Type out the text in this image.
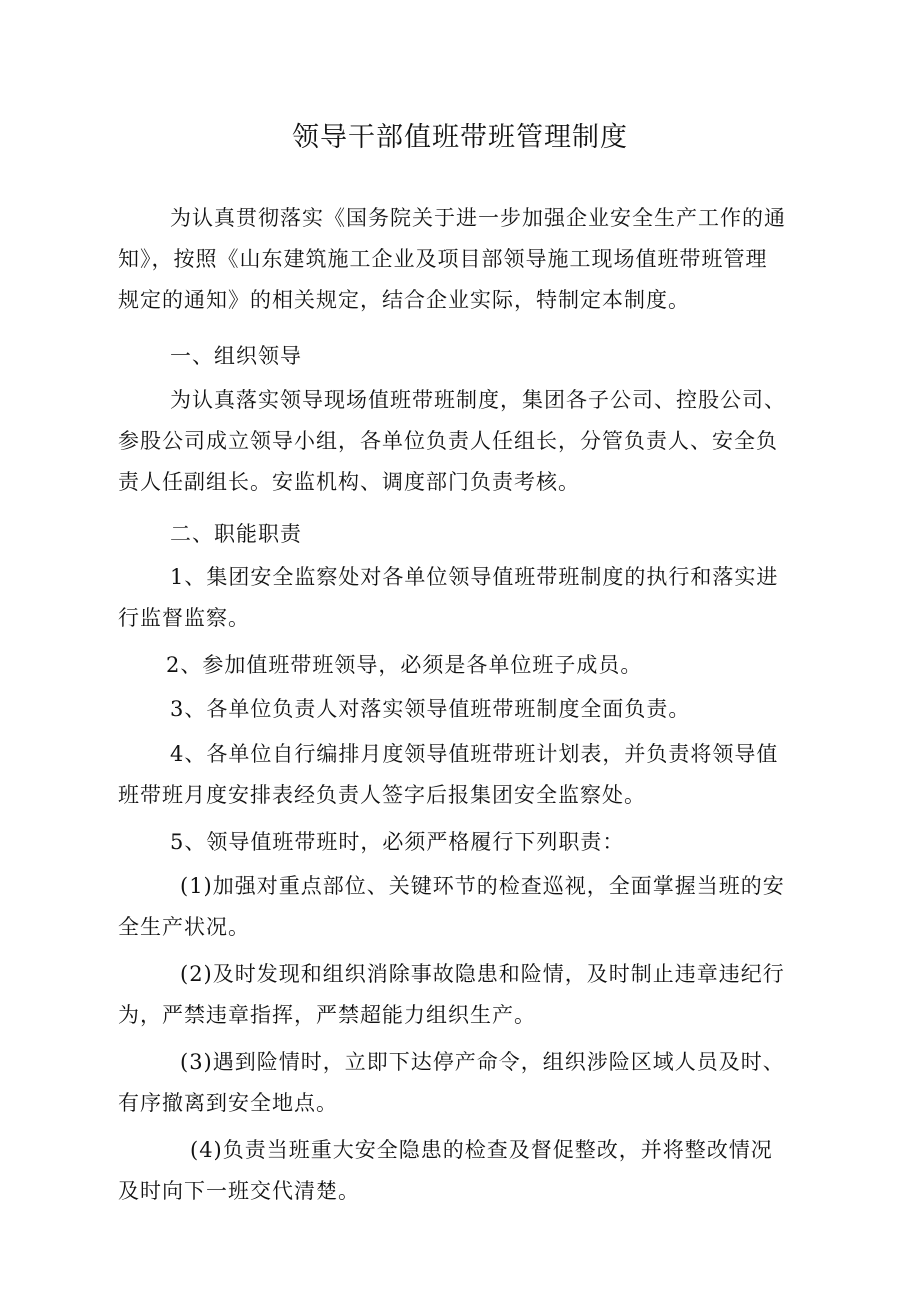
领导干部值班带班管理制度
为认真贯彻落实《国务院关于进一步加强企业安全生产工作的通
知》，按照《山东建筑施工企业及项目部领导施工现场值班带班管理
规定的通知》的相关规定，结合企业实际，特制定本制度。
一、组织领导
为认真落实领导现场值班带班制度，集团各子公司、控股公司、
参股公司成立领导小组，各单位负责人任组长，分管负责人、安全负
责人任副组长。安监机构、调度部门负责考核。
二、职能职责
1、集团安全监察处对各单位领导值班带班制度的执行和落实进
行监督监察。
2、参加值班带班领导，必须是各单位班子成员。
3、各单位负责人对落实领导值班带班制度全面负责。
4、各单位自行编排月度领导值班带班计划表，并负责将领导值
班带班月度安排表经负责人签字后报集团安全监察处。
5、领导值班带班时，必须严格履行下列职责：
(1)加强对重点部位、关键环节的检查巡视，全面掌握当班的安
全生产状况。
(2)及时发现和组织消除事故隐患和险情，及时制止违章违纪行
为，严禁违章指挥，严禁超能力组织生产。
(3)遇到险情时，立即下达停产命令，组织涉险区域人员及时、
有序撤离到安全地点。
(4)负责当班重大安全隐患的检查及督促整改，并将整改情况
及时向下一班交代清楚。
